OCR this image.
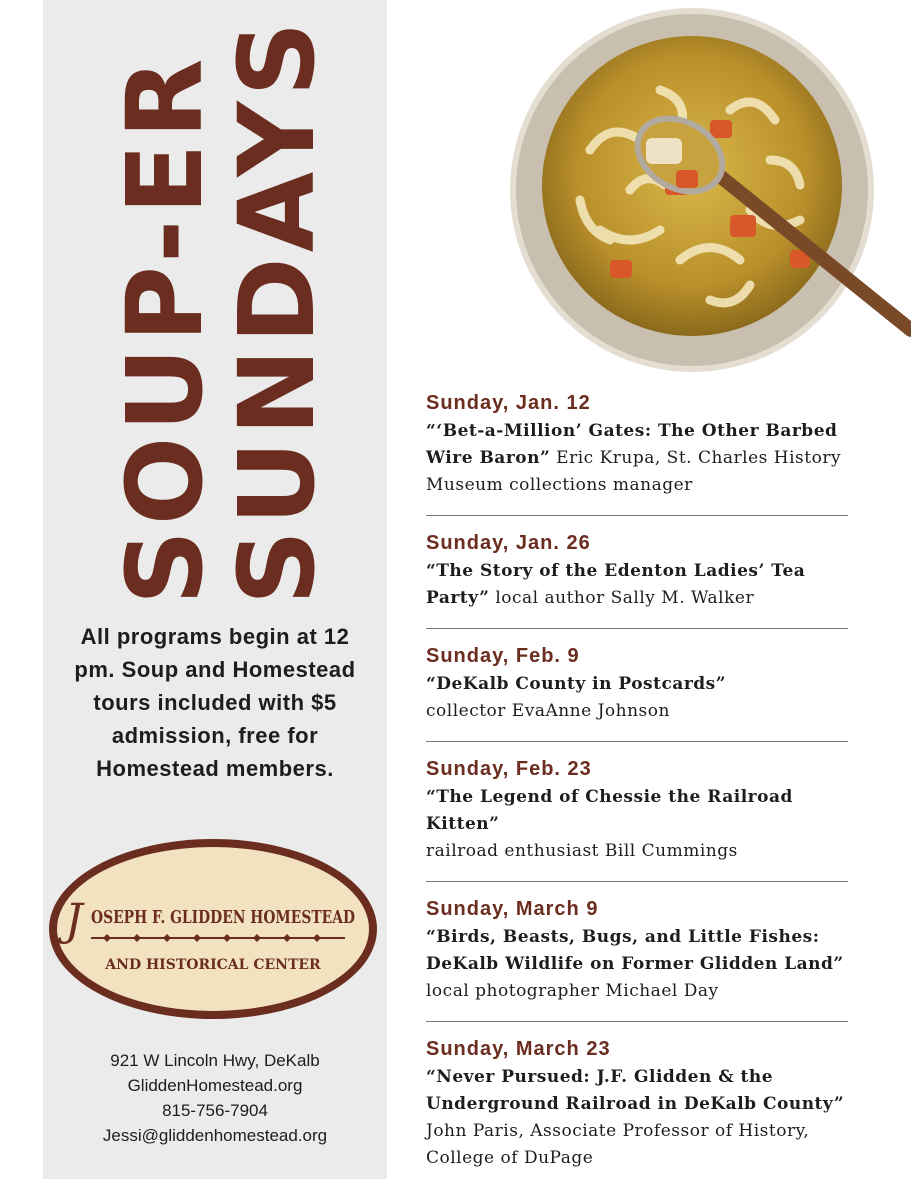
SOUP-ER
SUNDAYS
All programs begin at 12 pm. Soup and Homestead tours included with $5 admission, free for Homestead members.
J OSEPH F. GLIDDEN HOMESTEAD
AND HISTORICAL CENTER
921 W Lincoln Hwy, DeKalb
GliddenHomestead.org
815-756-7904
Jessi@gliddenhomestead.org
Sunday, Jan. 12
“‘Bet-a-Million’ Gates: The Other Barbed Wire Baron” Eric Krupa, St. Charles History Museum collections manager
Sunday, Jan. 26
“The Story of the Edenton Ladies’ Tea Party” local author Sally M. Walker
Sunday, Feb. 9
“DeKalb County in Postcards”
collector EvaAnne Johnson
Sunday, Feb. 23
“The Legend of Chessie the Railroad Kitten”
railroad enthusiast Bill Cummings
Sunday, March 9
“Birds, Beasts, Bugs, and Little Fishes: DeKalb Wildlife on Former Glidden Land”
local photographer Michael Day
Sunday, March 23
“Never Pursued: J.F. Glidden & the Underground Railroad in DeKalb County”
John Paris, Associate Professor of History, College of DuPage
